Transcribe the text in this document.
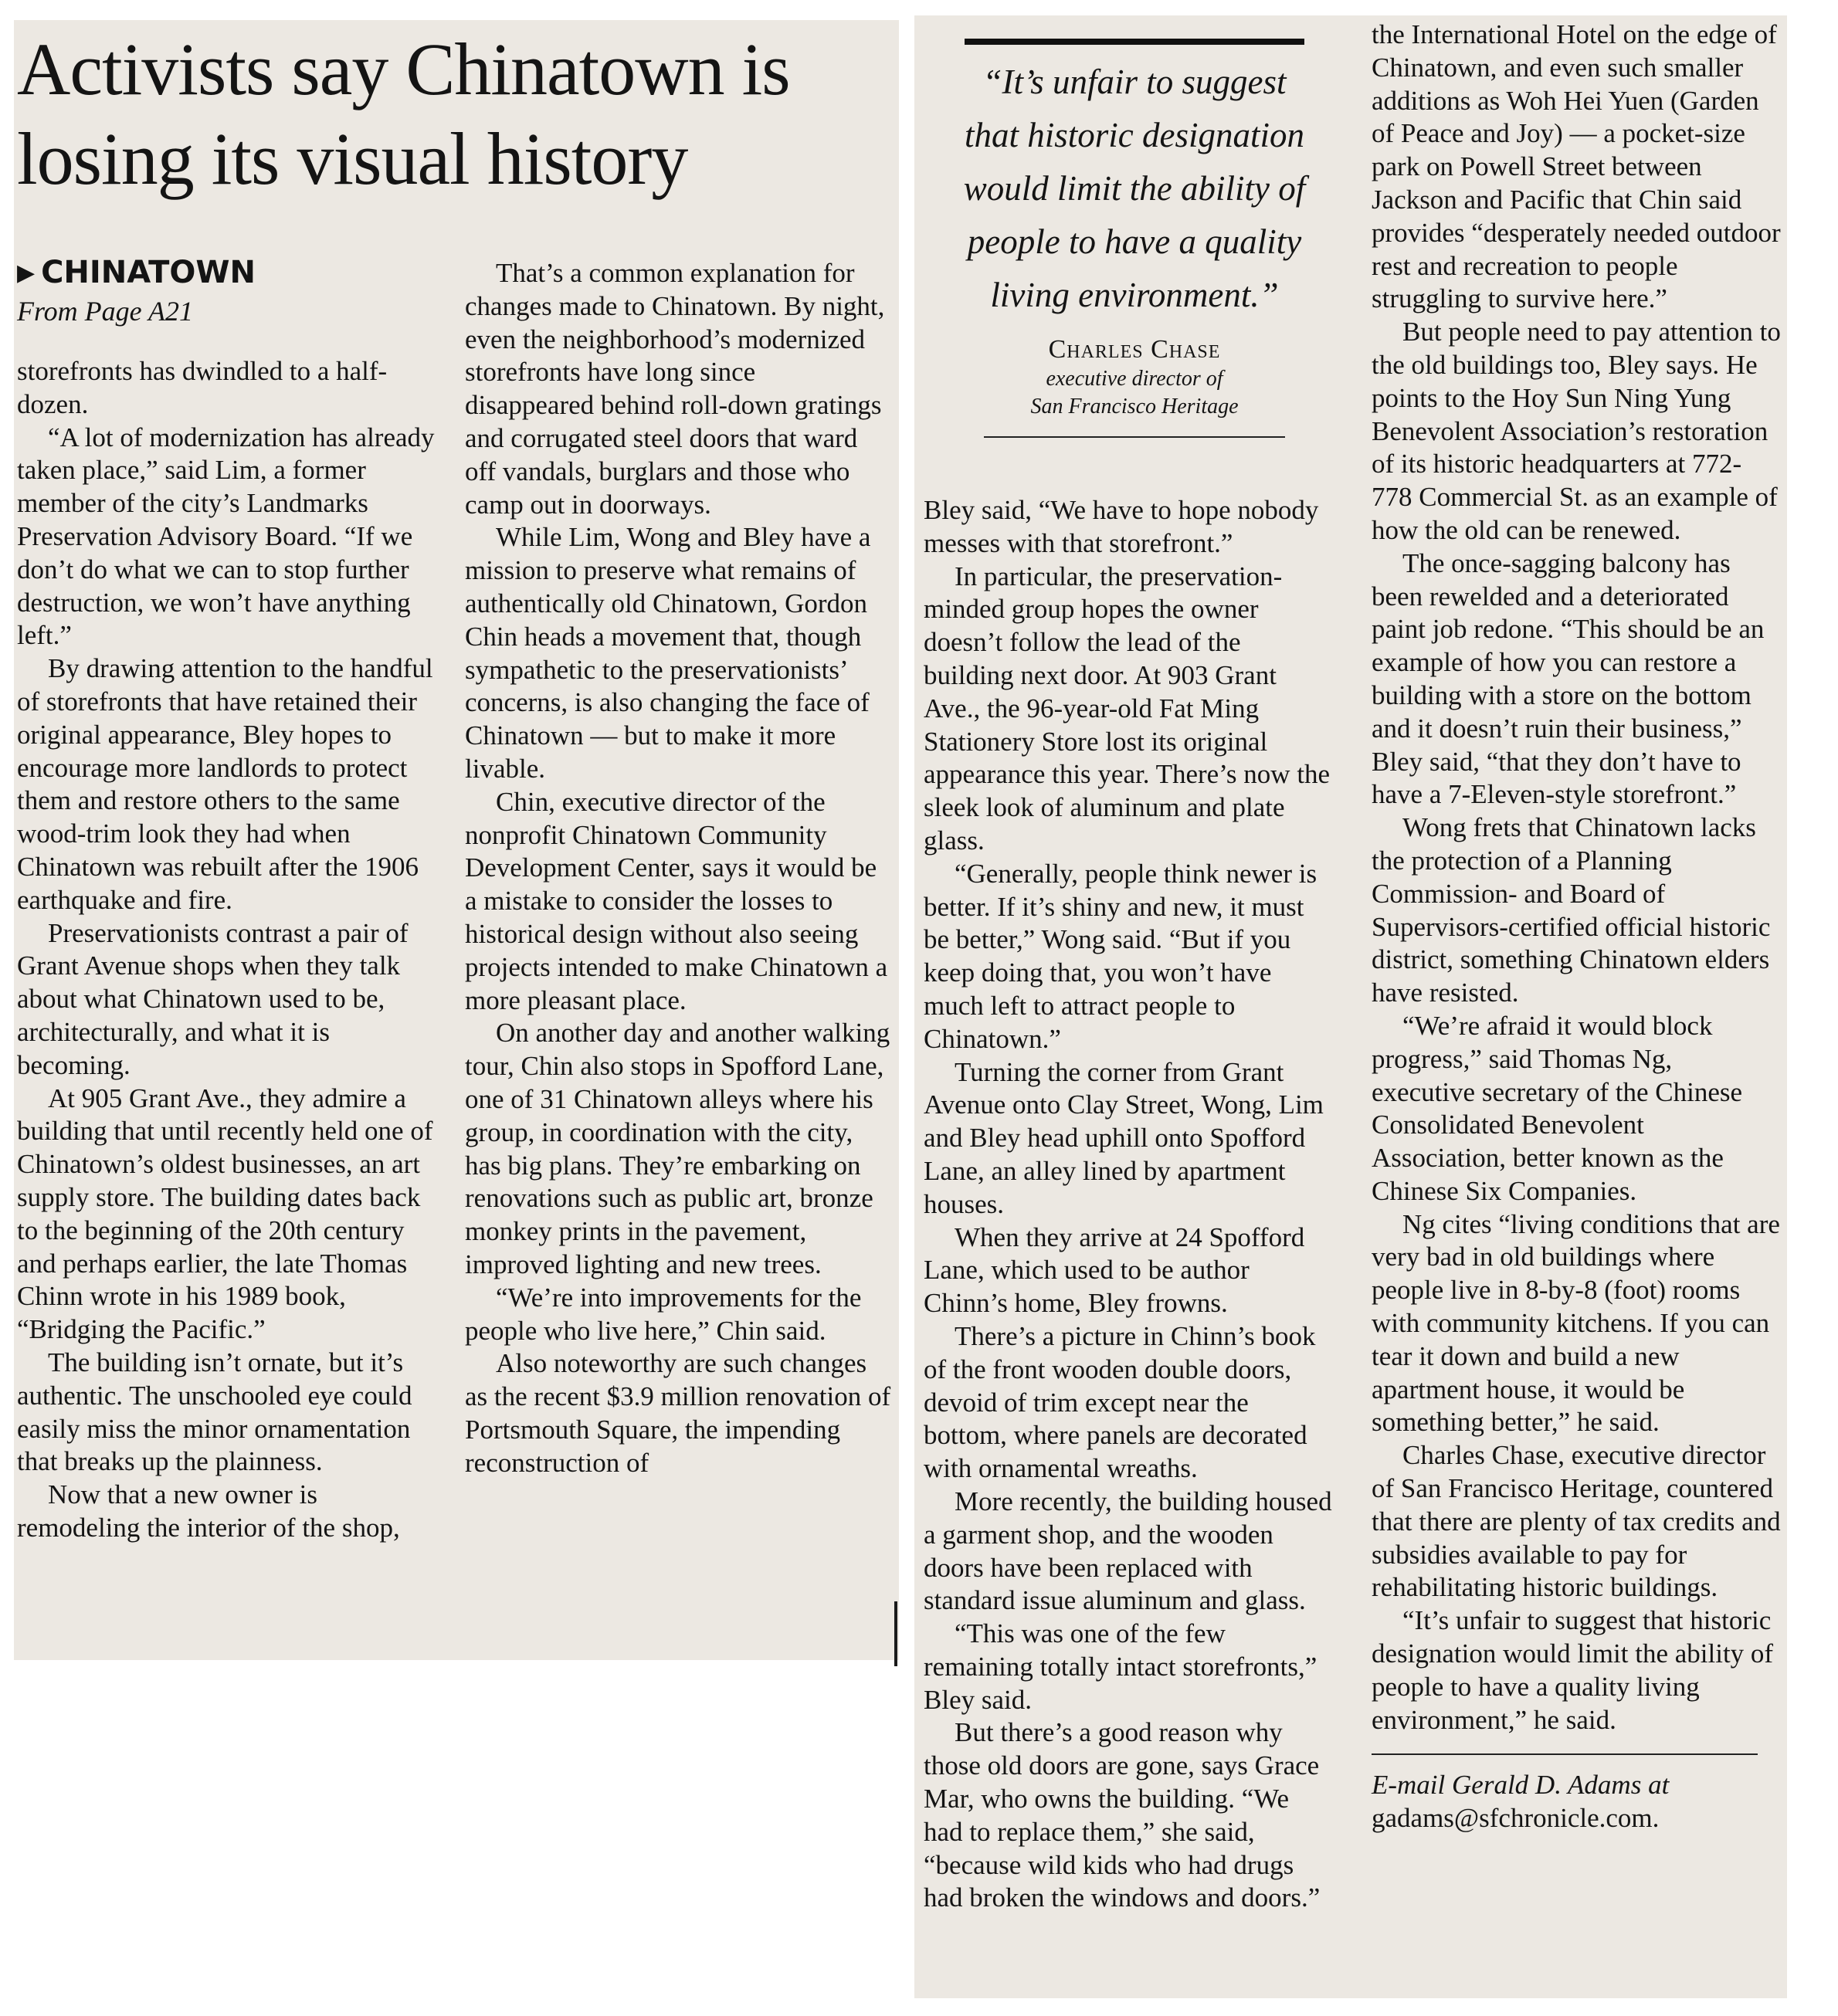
Activists say Chinatown is losing its visual history
▶ CHINATOWN
From Page A21

storefronts has dwindled to a half-dozen.

“A lot of modernization has already taken place,” said Lim, a former member of the city’s Landmarks Preservation Advisory Board. “If we don’t do what we can to stop further destruction, we won’t have anything left.”

By drawing attention to the handful of storefronts that have retained their original appearance, Bley hopes to encourage more landlords to protect them and restore others to the same wood-trim look they had when Chinatown was rebuilt after the 1906 earthquake and fire.

Preservationists contrast a pair of Grant Avenue shops when they talk about what Chinatown used to be, architecturally, and what it is becoming.

At 905 Grant Ave., they admire a building that until recently held one of Chinatown’s oldest businesses, an art supply store. The building dates back to the beginning of the 20th century and perhaps earlier, the late Thomas Chinn wrote in his 1989 book, “Bridging the Pacific.”

The building isn’t ornate, but it’s authentic. The unschooled eye could easily miss the minor ornamentation that breaks up the plainness.

Now that a new owner is remodeling the interior of the shop,

That’s a common explanation for changes made to Chinatown. By night, even the neighborhood’s modernized storefronts have long since disappeared behind roll-down gratings and corrugated steel doors that ward off vandals, burglars and those who camp out in doorways.

While Lim, Wong and Bley have a mission to preserve what remains of authentically old Chinatown, Gordon Chin heads a movement that, though sympathetic to the preservationists’ concerns, is also changing the face of Chinatown — but to make it more livable.

Chin, executive director of the nonprofit Chinatown Community Development Center, says it would be a mistake to consider the losses to historical design without also seeing projects intended to make Chinatown a more pleasant place.

On another day and another walking tour, Chin also stops in Spofford Lane, one of 31 Chinatown alleys where his group, in coordination with the city, has big plans. They’re embarking on renovations such as public art, bronze monkey prints in the pavement, improved lighting and new trees.

“We’re into improvements for the people who live here,” Chin said.

Also noteworthy are such changes as the recent $3.9 million renovation of Portsmouth Square, the impending reconstruction of

“It’s unfair to suggest that historic designation would limit the ability of people to have a quality living environment.”
Charles Chase
executive director of
San Francisco Heritage

Bley said, “We have to hope nobody messes with that storefront.”

In particular, the preservation-minded group hopes the owner doesn’t follow the lead of the building next door. At 903 Grant Ave., the 96-year-old Fat Ming Stationery Store lost its original appearance this year. There’s now the sleek look of aluminum and plate glass.

“Generally, people think newer is better. If it’s shiny and new, it must be better,” Wong said. “But if you keep doing that, you won’t have much left to attract people to Chinatown.”

Turning the corner from Grant Avenue onto Clay Street, Wong, Lim and Bley head uphill onto Spofford Lane, an alley lined by apartment houses.

When they arrive at 24 Spofford Lane, which used to be author Chinn’s home, Bley frowns.

There’s a picture in Chinn’s book of the front wooden double doors, devoid of trim except near the bottom, where panels are decorated with ornamental wreaths.

More recently, the building housed a garment shop, and the wooden doors have been replaced with standard issue aluminum and glass.

“This was one of the few remaining totally intact storefronts,” Bley said.

But there’s a good reason why those old doors are gone, says Grace Mar, who owns the building. “We had to replace them,” she said, “because wild kids who had drugs had broken the windows and doors.”

the International Hotel on the edge of Chinatown, and even such smaller additions as Woh Hei Yuen (Garden of Peace and Joy) — a pocket-size park on Powell Street between Jackson and Pacific that Chin said provides “desperately needed outdoor rest and recreation to people struggling to survive here.”

But people need to pay attention to the old buildings too, Bley says. He points to the Hoy Sun Ning Yung Benevolent Association’s restoration of its historic headquarters at 772-778 Commercial St. as an example of how the old can be renewed.

The once-sagging balcony has been rewelded and a deteriorated paint job redone. “This should be an example of how you can restore a building with a store on the bottom and it doesn’t ruin their business,” Bley said, “that they don’t have to have a 7-Eleven-style storefront.”

Wong frets that Chinatown lacks the protection of a Planning Commission- and Board of Supervisors-certified official historic district, something Chinatown elders have resisted.

“We’re afraid it would block progress,” said Thomas Ng, executive secretary of the Chinese Consolidated Benevolent Association, better known as the Chinese Six Companies.

Ng cites “living conditions that are very bad in old buildings where people live in 8-by-8 (foot) rooms with community kitchens. If you can tear it down and build a new apartment house, it would be something better,” he said.

Charles Chase, executive director of San Francisco Heritage, countered that there are plenty of tax credits and subsidies available to pay for rehabilitating historic buildings.

“It’s unfair to suggest that historic designation would limit the ability of people to have a quality living environment,” he said.

E-mail Gerald D. Adams at

gadams@sfchronicle.com.
